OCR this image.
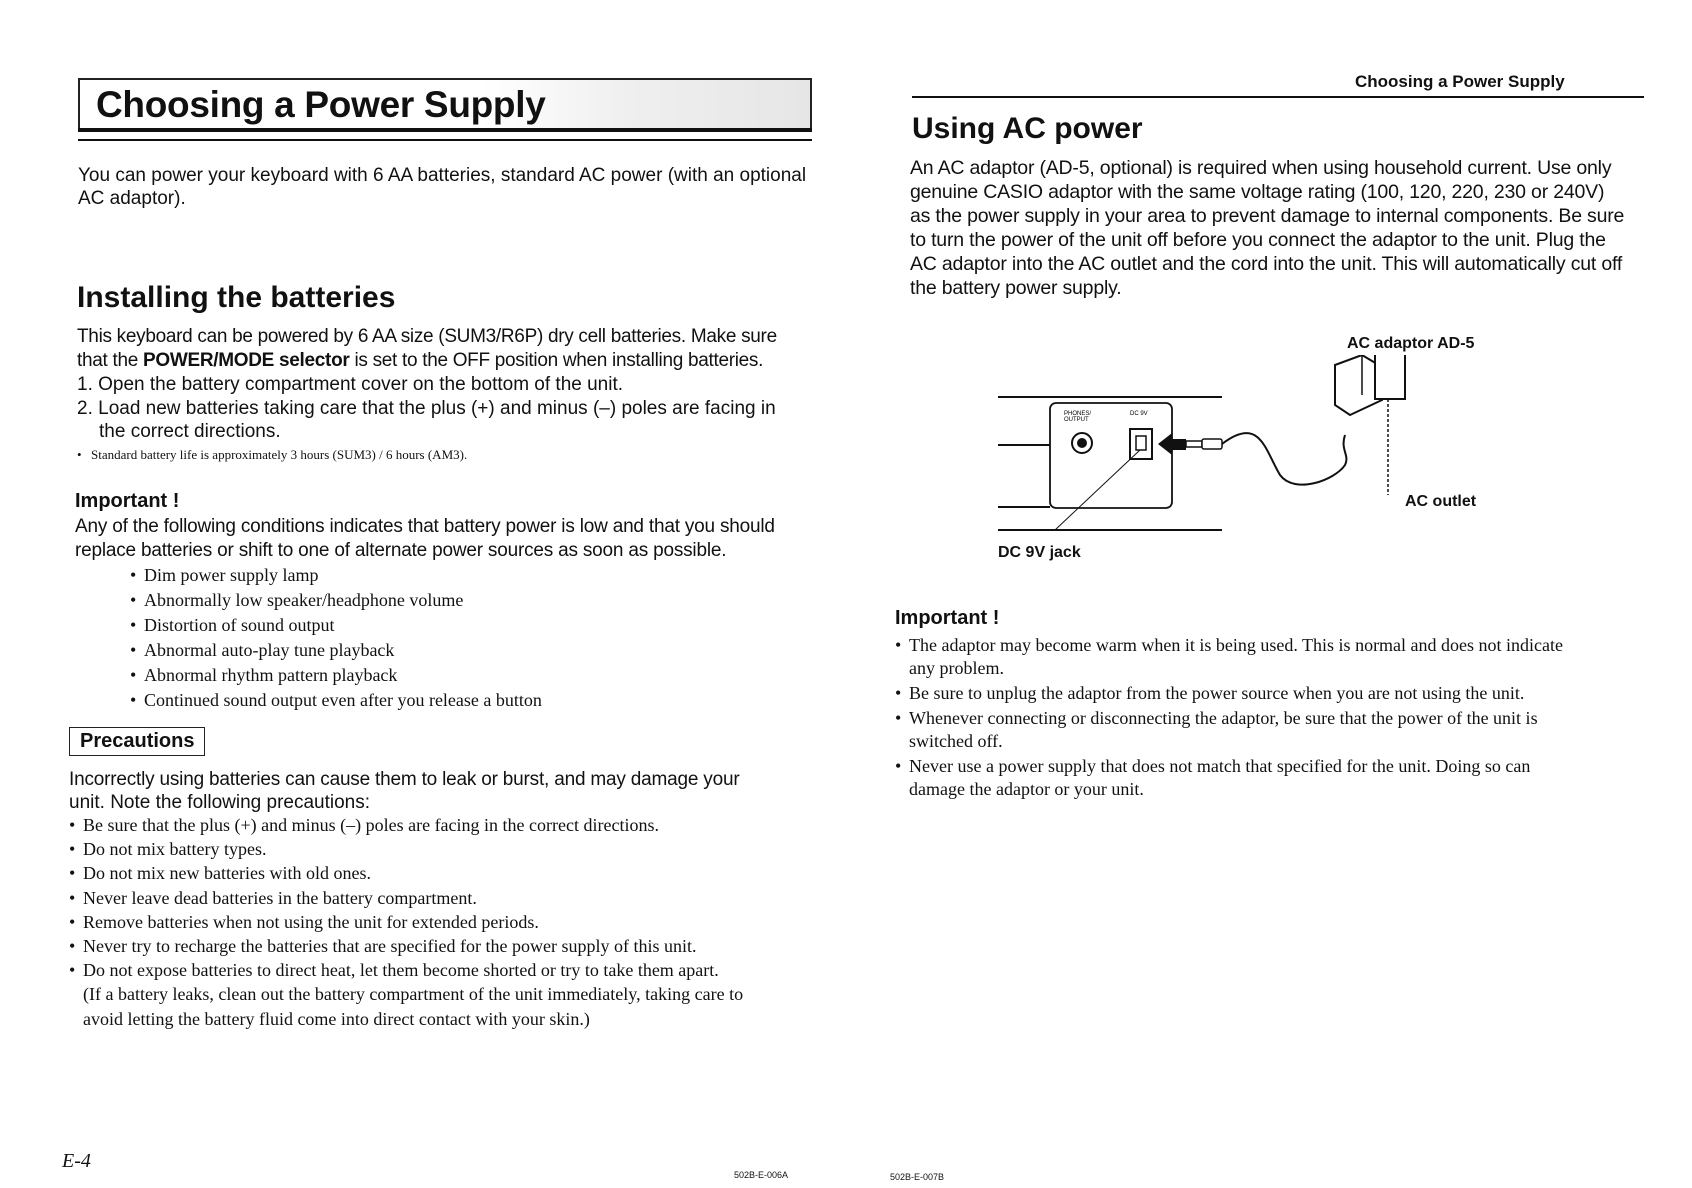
Choosing a Power Supply
You can power your keyboard with 6 AA batteries, standard AC power (with an optional AC adaptor).
Installing the batteries
This keyboard can be powered by 6 AA size (SUM3/R6P) dry cell batteries. Make sure
that the POWER/MODE selector is set to the OFF position when installing batteries.
1. Open the battery compartment cover on the bottom of the unit.
2. Load new batteries taking care that the plus (+) and minus (–) poles are facing in
the correct directions.
• Standard battery life is approximately 3 hours (SUM3) / 6 hours (AM3).
Important !
Any of the following conditions indicates that battery power is low and that you should
replace batteries or shift to one of alternate power sources as soon as possible.
• Dim power supply lamp
• Abnormally low speaker/headphone volume
• Distortion of sound output
• Abnormal auto-play tune playback
• Abnormal rhythm pattern playback
• Continued sound output even after you release a button
Precautions
Incorrectly using batteries can cause them to leak or burst, and may damage your
unit. Note the following precautions:
• Be sure that the plus (+) and minus (–) poles are facing in the correct directions.
• Do not mix battery types.
• Do not mix new batteries with old ones.
• Never leave dead batteries in the battery compartment.
• Remove batteries when not using the unit for extended periods.
• Never try to recharge the batteries that are specified for the power supply of this unit.
• Do not expose batteries to direct heat, let them become shorted or try to take them apart.
(If a battery leaks, clean out the battery compartment of the unit immediately, taking care to
avoid letting the battery fluid come into direct contact with your skin.)
E-4
502B-E-006A
Choosing a Power Supply
Using AC power
An AC adaptor (AD-5, optional) is required when using household current. Use only
genuine CASIO adaptor with the same voltage rating (100, 120, 220, 230 or 240V)
as the power supply in your area to prevent damage to internal components. Be sure
to turn the power of the unit off before you connect the adaptor to the unit. Plug the
AC adaptor into the AC outlet and the cord into the unit. This will automatically cut off
the battery power supply.
AC adaptor AD-5
AC outlet
DC 9V jack
PHONES/
OUTPUT
DC 9V
Important !
• The adaptor may become warm when it is being used. This is normal and does not indicate
any problem.
• Be sure to unplug the adaptor from the power source when you are not using the unit.
• Whenever connecting or disconnecting the adaptor, be sure that the power of the unit is
switched off.
• Never use a power supply that does not match that specified for the unit. Doing so can
damage the adaptor or your unit.
502B-E-007B
